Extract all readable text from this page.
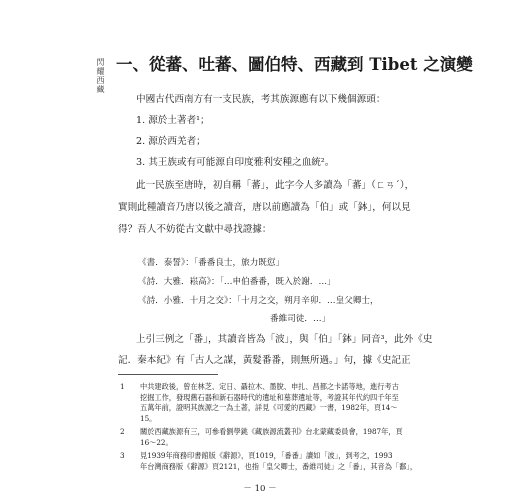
閃耀西藏 一、從蕃、吐蕃、圖伯特、西藏到 Tibet 之演變
中國古代西南方有一支民族，考其族源應有以下幾個源頭：
1. 源於土著者¹；
2. 源於西羌者；
3. 其王族或有可能源自印度雅利安種之血統²。
此一民族至唐時，初自稱「蕃」，此字今人多讀為「蕃」（ㄈㄢˊ），
實則此種讀音乃唐以後之讀音，唐以前應讀為「伯」或「鉢」，何以見
得？吾人不妨從古文獻中尋找證據：
《書．泰誓》：「番番良士，旅力既愆」
《詩．大雅．崧高》：「…申伯番番，既入於謝．…」
《詩．小雅．十月之交》：「十月之交，朔月辛卯．…皇父卿士，
番維司徒．…」
上引三例之「番」，其讀音皆為「波」，與「伯」「鉢」同音³，此外《史
記．秦本紀》有「古人之謀，黃髮番番，則無所過。」句，據《史記正
1 中共建政後，曾在林芝、定日、聶拉木、墨脫、申扎、昌都之卡諾等地，進行考古
挖掘工作，發現舊石器和新石器時代的遺址和墓葬遺址等，考證其年代約四千年至
五萬年前，證明其族源之一為土著，詳見《可愛的西藏》一書，1982年，頁14～
15。
2 關於西藏族源有三，可參看劉學銚《藏族源流叢刊》台北蒙藏委員會，1987年，頁
16～22。
3 見1939年商務印書館版《辭源》，頁1019，「番番」讀如「波」，到考之，1993
年台灣商務版《辭源》頁2121，也指「皇父卿士，番維司徒」之「番」，其音為「鄱」，
－ 10 －
